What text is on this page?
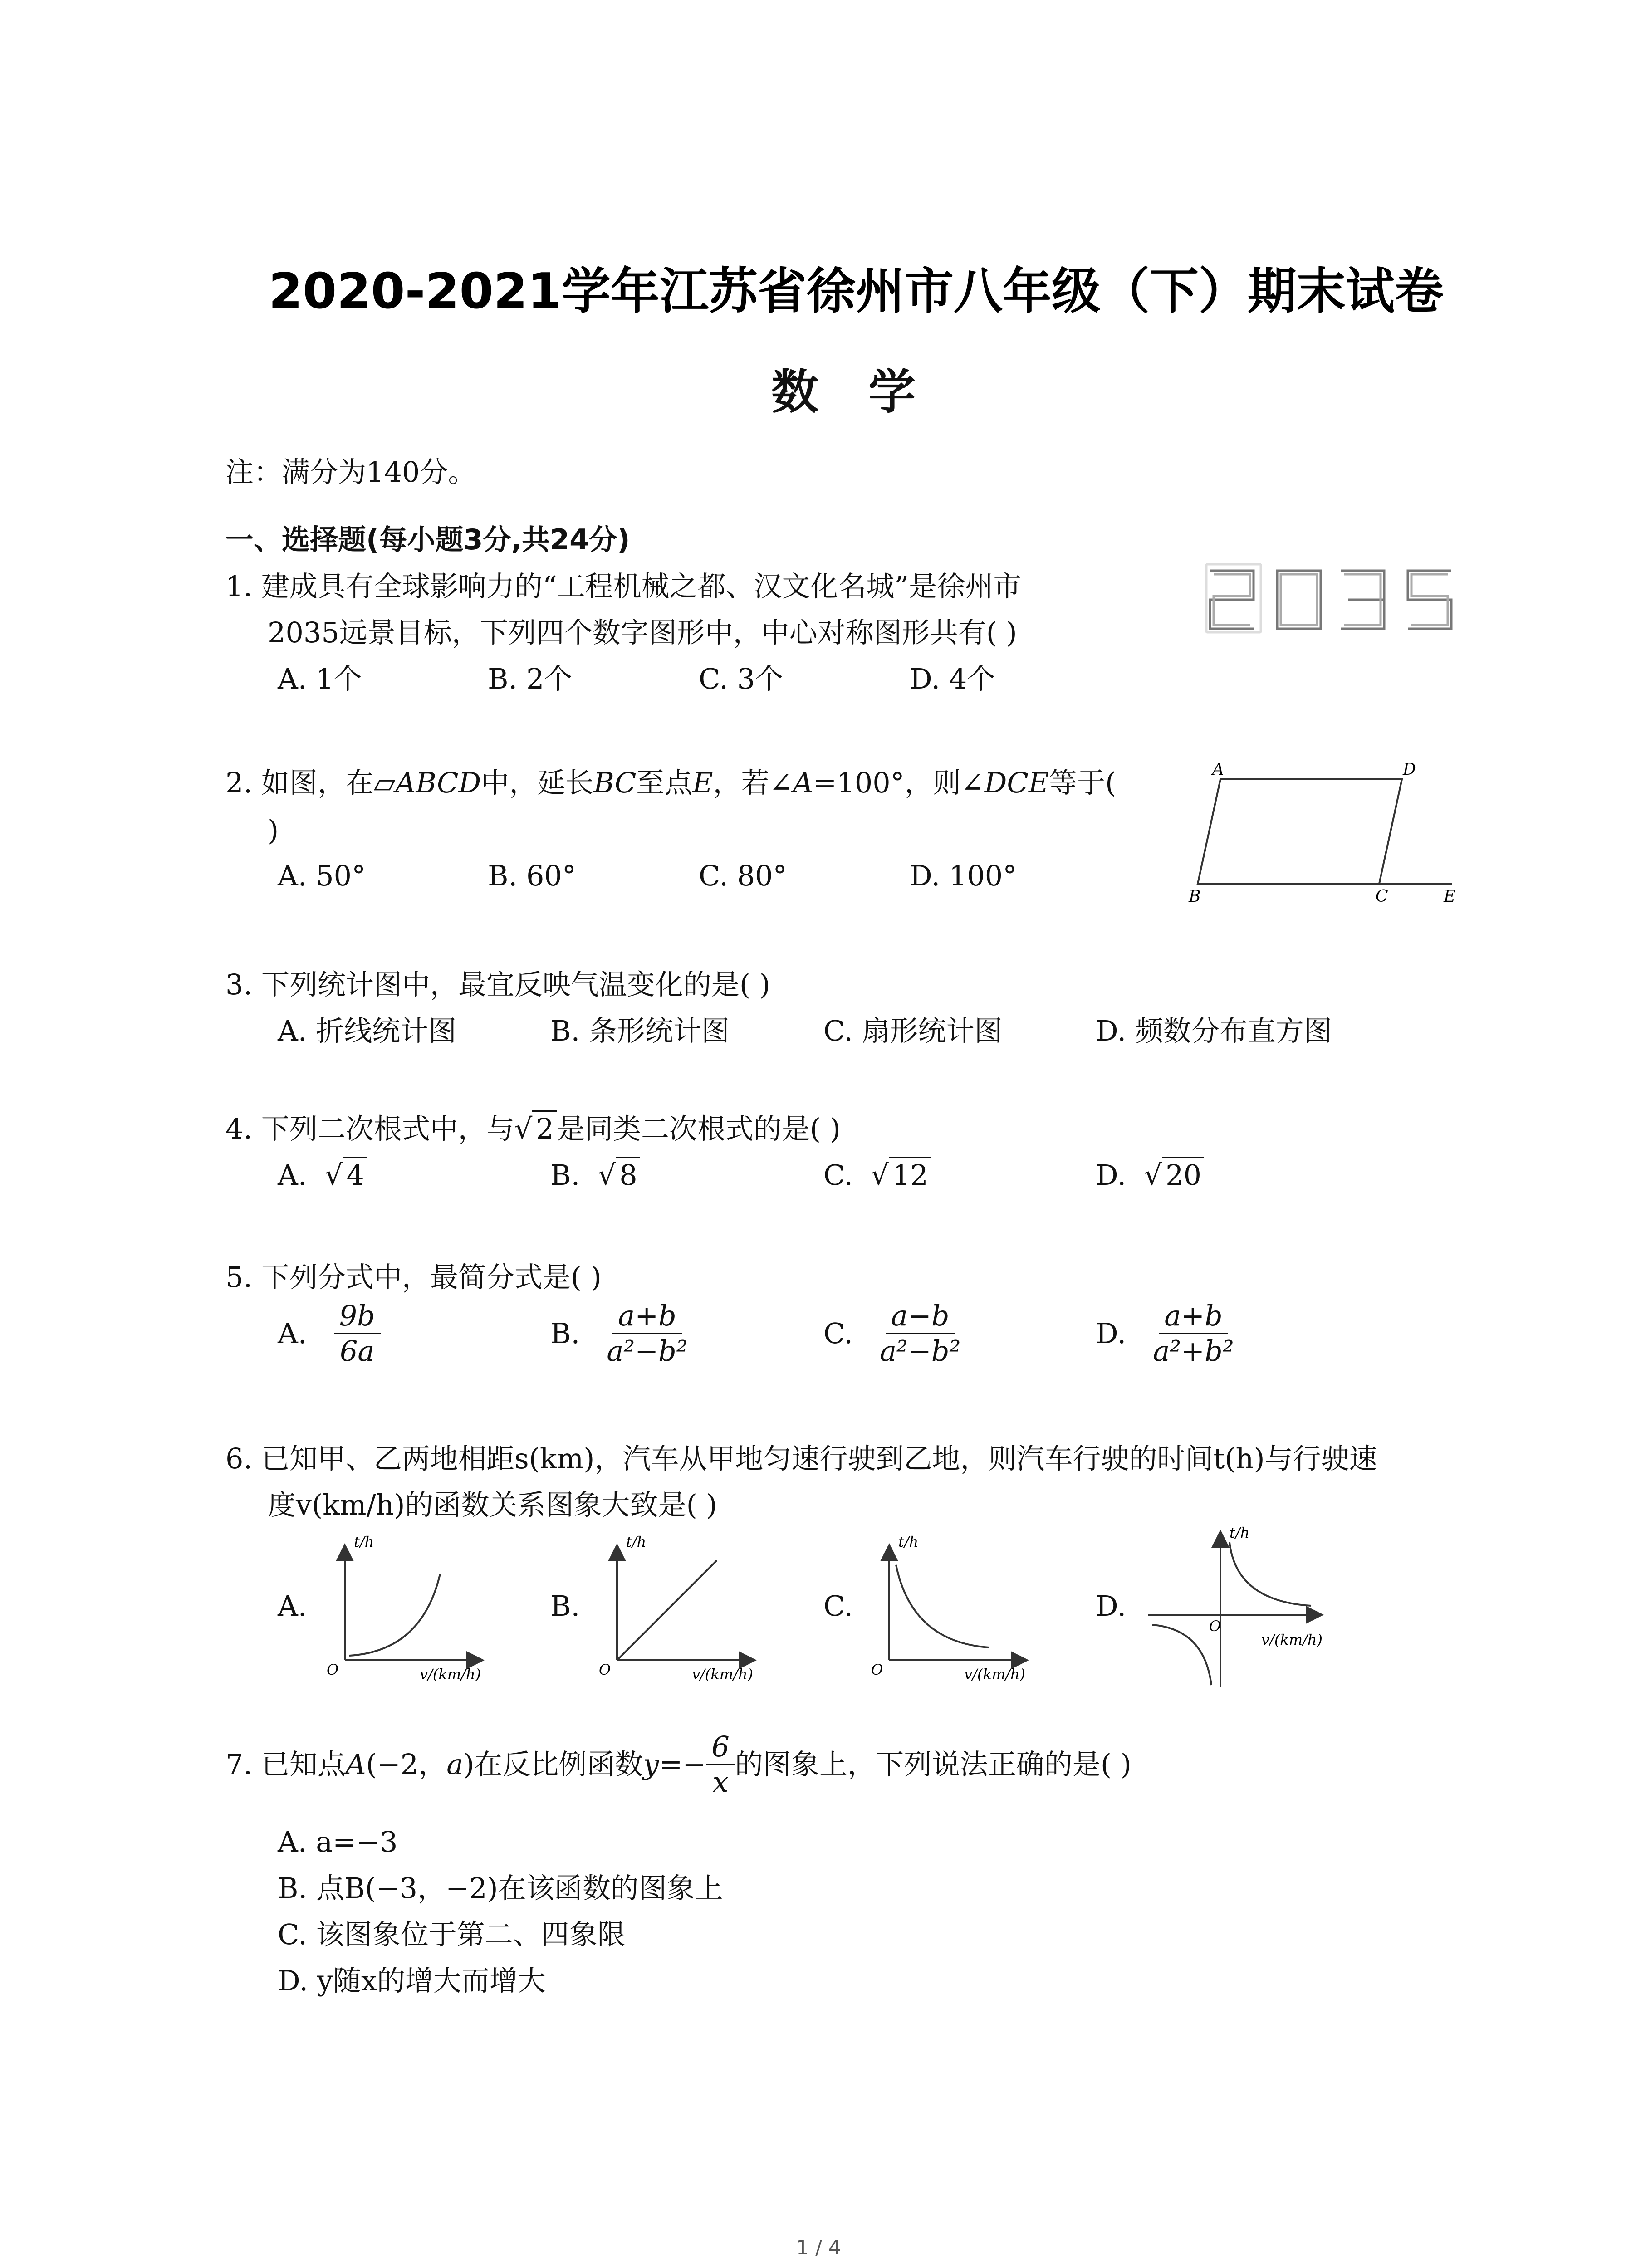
2020-2021学年江苏省徐州市八年级（下）期末试卷
数学
注：满分为140分。
一、选择题(每小题3分,共24分)
1. 建成具有全球影响力的“工程机械之都、汉文化名城”是徐州市
2035远景目标，下列四个数字图形中，中心对称图形共有( )
A. 1个	B. 2个	C. 3个	D. 4个
2. 如图，在▱ABCD中，延长BC至点E，若∠A=100°，则∠DCE等于(
)
A	D
B	C	E
A. 50°	B. 60°	C. 80°	D. 100°
3. 下列统计图中，最宜反映气温变化的是( )
A. 折线统计图	B. 条形统计图	C. 扇形统计图	D. 频数分布直方图
4. 下列二次根式中，与√ 2 是同类二次根式的是( )
A. √ 4	B. √ 8	C. √ 12	D. √ 20
5. 下列分式中，最简分式是( )
A.
$\frac{9b}{6a}$	B.
$\frac{a+b}{\text{a²−b²}}$	C.
$\frac{a-b}{\text{a²−b²}}$	D.
$\frac{a+b}{\text{a²+b²}}$
6. 已知甲、乙两地相距s(km)，汽车从甲地匀速行驶到乙地，则汽车行驶的时间t(h)与行驶速
度v(km/h)的函数关系图象大致是( )
A.
t/h
O	v/(km/h)
B.
t/h
O	v/(km/h)
C.
t/h
O	v/(km/h)
D.
t/h
O
v/(km/h)
7. 已知点 A (−2， a )在反比例函数 $y =- \frac{6}{x}$ 的图象上，下列说法正确的是( )
A. a=−3
B. 点B(−3，−2)在该函数的图象上
C. 该图象位于第二、四象限
D. y随x的增大而增大
1 / 4
